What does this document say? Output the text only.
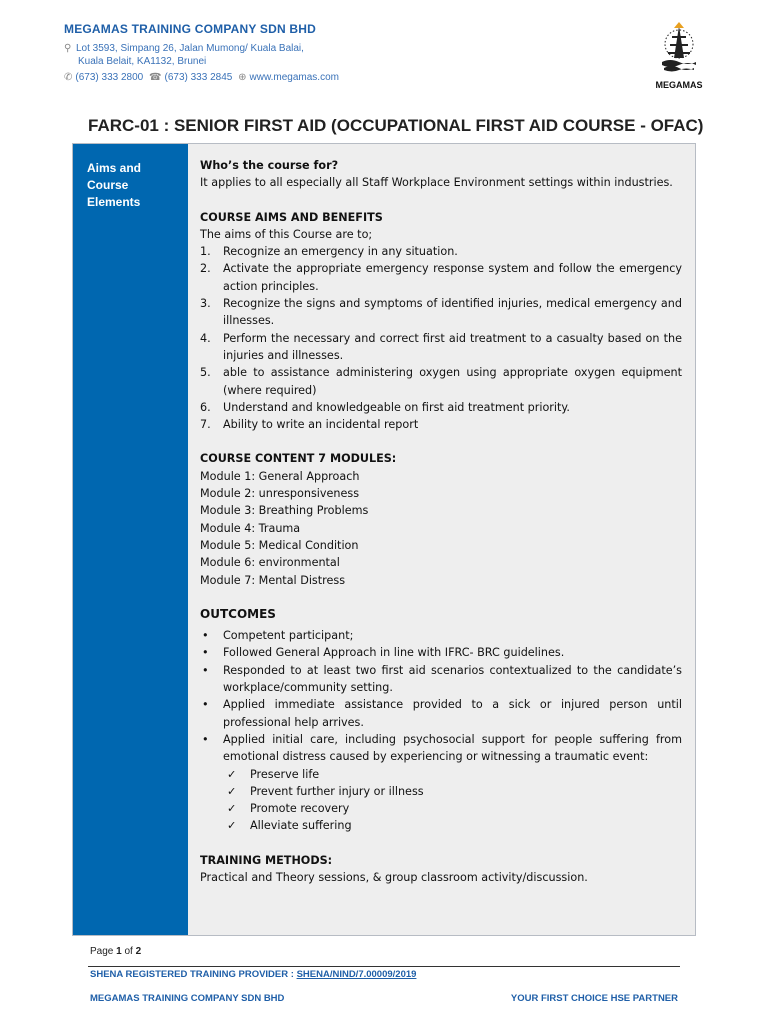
MEGAMAS TRAINING COMPANY SDN BHD
⚲ Lot 3593, Simpang 26, Jalan Mumong/ Kuala Balai,
Kuala Belait, KA1132, Brunei
✆ (673) 333 2800 ☎ (673) 333 2845 ⊕ www.megamas.com
MEGAMAS
FARC-01 : SENIOR FIRST AID (OCCUPATIONAL FIRST AID COURSE - OFAC)
Aims and
Course
Elements

Who’s the course for?

It applies to all especially all Staff Workplace Environment settings within industries.

COURSE AIMS AND BENEFITS

The aims of this Course are to;

1. Recognize an emergency in any situation.
2. Activate the appropriate emergency response system and follow the emergency action principles.
3. Recognize the signs and symptoms of identified injuries, medical emergency and illnesses.
4. Perform the necessary and correct first aid treatment to a casualty based on the injuries and illnesses.
5. able to assistance administering oxygen using appropriate oxygen equipment (where required)
6. Understand and knowledgeable on first aid treatment priority.
7. Ability to write an incidental report

COURSE CONTENT 7 MODULES:

Module 1: General Approach

Module 2: unresponsiveness

Module 3: Breathing Problems

Module 4: Trauma

Module 5: Medical Condition

Module 6: environmental

Module 7: Mental Distress

OUTCOMES

• Competent participant;
• Followed General Approach in line with IFRC- BRC guidelines.
• Responded to at least two first aid scenarios contextualized to the candidate’s workplace/community setting.
• Applied immediate assistance provided to a sick or injured person until professional help arrives.
• Applied initial care, including psychosocial support for people suffering from emotional distress caused by experiencing or witnessing a traumatic event:

✓ Preserve life

✓ Prevent further injury or illness

✓ Promote recovery

✓ Alleviate suffering

TRAINING METHODS:

Practical and Theory sessions, & group classroom activity/discussion.

Page 1 of 2
SHENA REGISTERED TRAINING PROVIDER : SHENA/NIND/7.00009/2019
MEGAMAS TRAINING COMPANY SDN BHD	YOUR FIRST CHOICE HSE PARTNER
